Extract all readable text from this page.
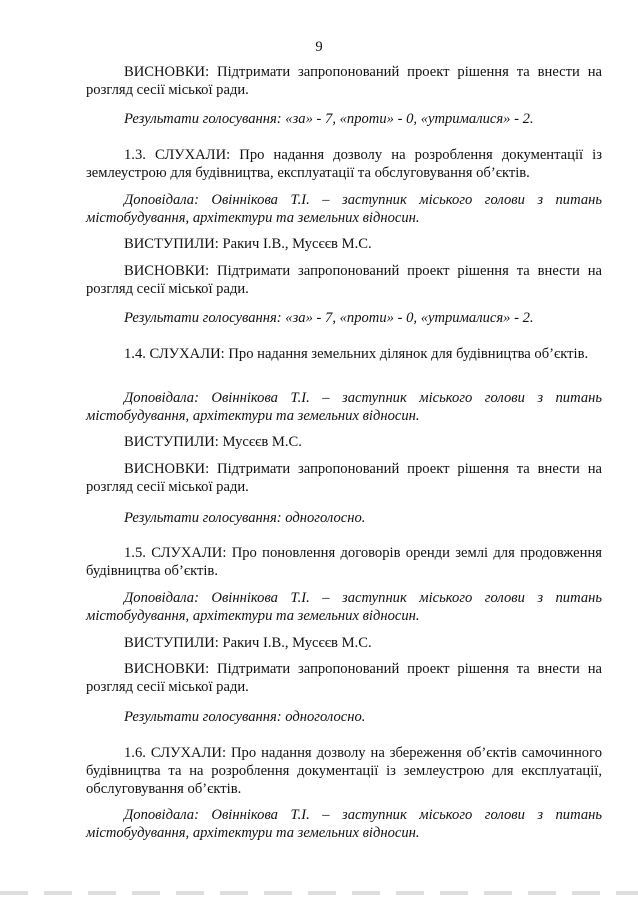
9
ВИСНОВКИ: Підтримати запропонований проект рішення та внести на розгляд сесії міської ради.
Результати голосування: «за» - 7, «проти» - 0, «утрималися» - 2.
1.3. СЛУХАЛИ: Про надання дозволу на розроблення документації із землеустрою для будівництва, експлуатації та обслуговування об’єктів.
Доповідала: Овіннікова Т.І. – заступник міського голови з питань містобудування, архітектури та земельних відносин.
ВИСТУПИЛИ: Ракич І.В., Мусєєв М.С.
ВИСНОВКИ: Підтримати запропонований проект рішення та внести на розгляд сесії міської ради.
Результати голосування: «за» - 7, «проти» - 0, «утрималися» - 2.
1.4. СЛУХАЛИ: Про надання земельних ділянок для будівництва об’єктів.
Доповідала: Овіннікова Т.І. – заступник міського голови з питань містобудування, архітектури та земельних відносин.
ВИСТУПИЛИ: Мусєєв М.С.
ВИСНОВКИ: Підтримати запропонований проект рішення та внести на розгляд сесії міської ради.
Результати голосування: одноголосно.
1.5. СЛУХАЛИ: Про поновлення договорів оренди землі для продовження будівництва об’єктів.
Доповідала: Овіннікова Т.І. – заступник міського голови з питань містобудування, архітектури та земельних відносин.
ВИСТУПИЛИ: Ракич І.В., Мусєєв М.С.
ВИСНОВКИ: Підтримати запропонований проект рішення та внести на розгляд сесії міської ради.
Результати голосування: одноголосно.
1.6. СЛУХАЛИ: Про надання дозволу на збереження об’єктів самочинного будівництва та на розроблення документації із землеустрою для експлуатації, обслуговування об’єктів.
Доповідала: Овіннікова Т.І. – заступник міського голови з питань містобудування, архітектури та земельних відносин.
